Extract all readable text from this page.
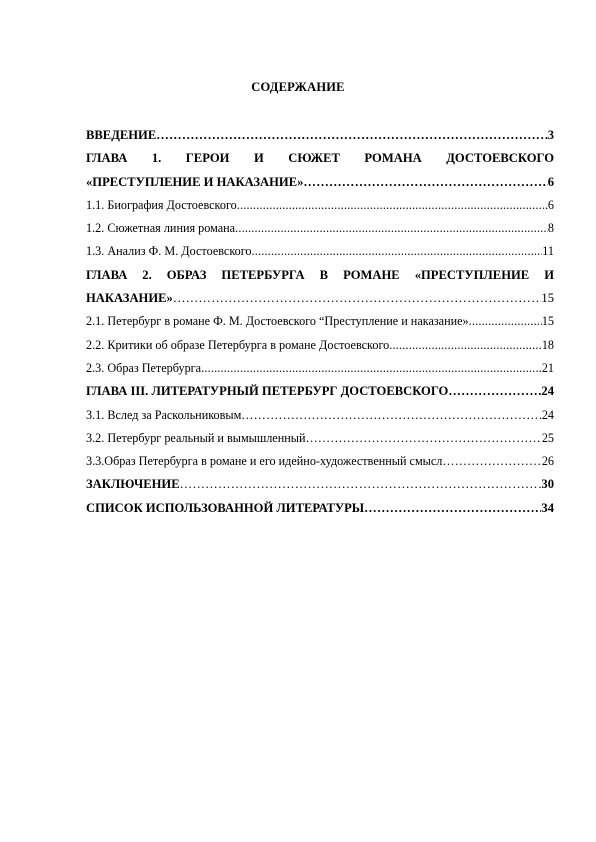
СОДЕРЖАНИЕ
ВВЕДЕНИЕ ……………………………………………………………………………………………………………………………………………………………………………………	3
ГЛАВА 1. ГЕРОИ И СЮЖЕТ РОМАНА ДОСТОЕВСКОГО
«ПРЕСТУПЛЕНИЕ И НАКАЗАНИЕ» ……………………………………………………………………………………………………………………………………………………………………………………	6
1.1. Биография Достоевского .....	6
1.2. Сюжетная линия романа .....	8
1.3. Анализ Ф. М. Достоевского .....	11
ГЛАВА 2. ОБРАЗ ПЕТЕРБУРГА В РОМАНЕ «ПРЕСТУПЛЕНИЕ И
НАКАЗАНИЕ» ……………………………………………………………………………………………………………………………………………………………………………………	15
2.1. Петербург в романе Ф. М. Достоевского “Преступление и наказание» .....	15
2.2. Критики об образе Петербурга в романе Достоевского .....	18
2.3. Образ Петербурга .....	21
ГЛАВА III. ЛИТЕРАТУРНЫЙ ПЕТЕРБУРГ ДОСТОЕВСКОГО ……………………………………………………………………………………………………………………………………………………………………………………	24
3.1. Вслед за Раскольниковым ……………………………………………………………………………………………………………………………………………………………………………………	24
3.2. Петербург реальный и вымышленный ……………………………………………………………………………………………………………………………………………………………………………………	25
3.3.Образ Петербурга в романе и его идейно-художественный смысл ……………………………………………………………………………………………………………………………………………………………………………………	26
ЗАКЛЮЧЕНИЕ ……………………………………………………………………………………………………………………………………………………………………………………	30
СПИСОК ИСПОЛЬЗОВАННОЙ ЛИТЕРАТУРЫ ……………………………………………………………………………………………………………………………………………………………………………………	34
